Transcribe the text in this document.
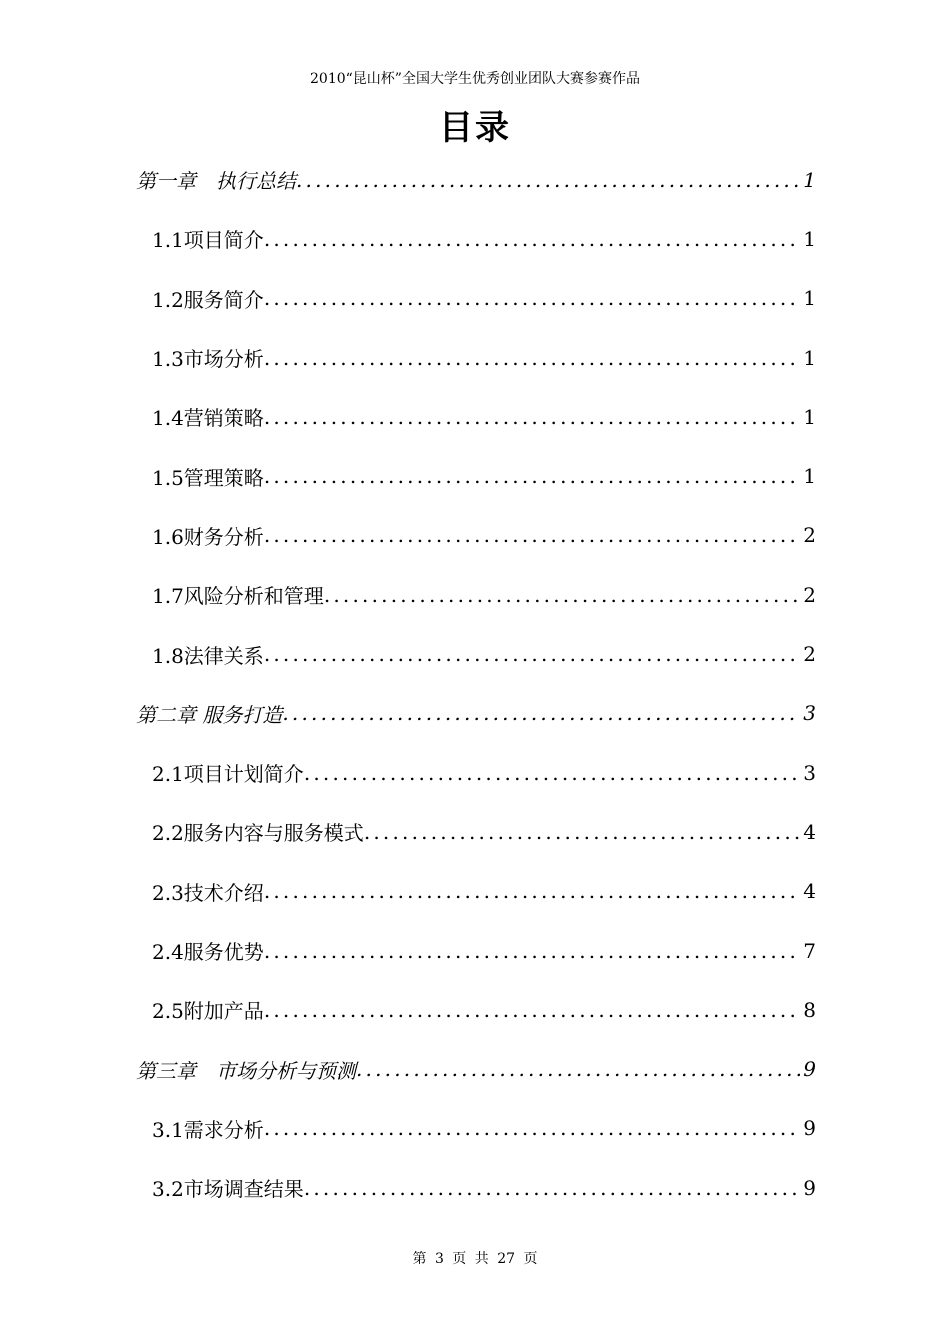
2010“昆山杯”全国大学生优秀创业团队大赛参赛作品
目录
第一章　执行总结 .....	1
1.1项目简介 .....	1
1.2服务简介 .....	1
1.3市场分析 .....	1
1.4营销策略 .....	1
1.5管理策略 .....	1
1.6财务分析 .....	2
1.7风险分析和管理 .....	2
1.8法律关系 .....	2
第二章 服务打造 .....	3
2.1项目计划简介 .....	3
2.2服务内容与服务模式 .....	4
2.3技术介绍 .....	4
2.4服务优势 .....	7
2.5附加产品 .....	8
第三章　市场分析与预测 .....	9
3.1需求分析 .....	9
3.2市场调查结果 .....	9
第 3 页 共 27 页
